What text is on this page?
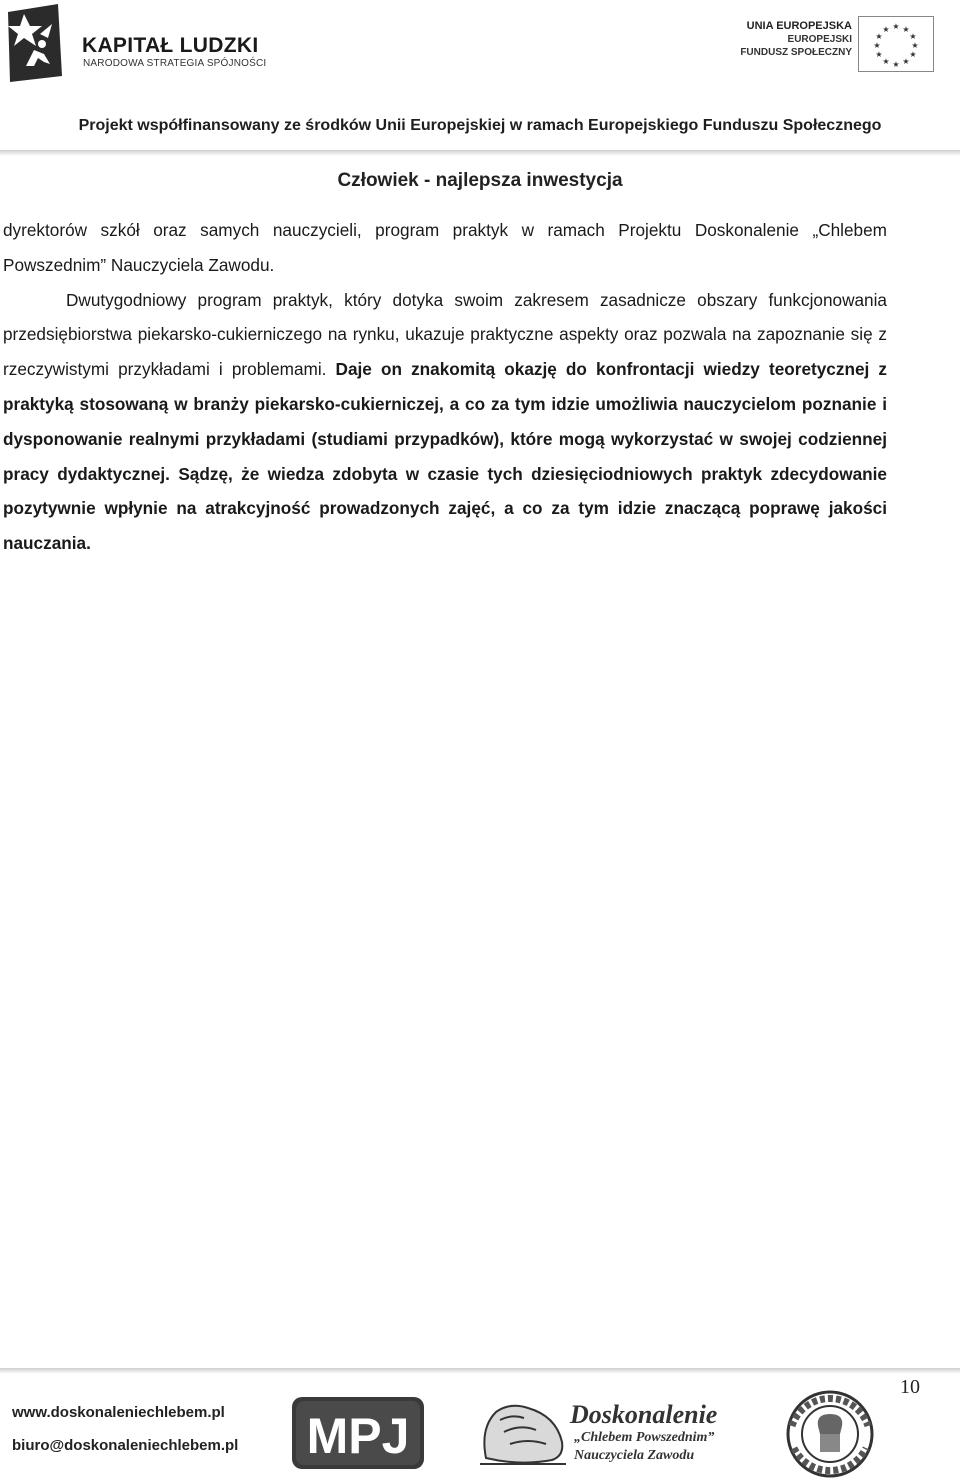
KAPITAŁ LUDZKI
NARODOWA STRATEGIA SPÓJNOŚCI
UNIA EUROPEJSKA
EUROPEJSKI
FUNDUSZ SPOŁECZNY
★ ★
★
★
★
★
★
★
★
★
★
★
Projekt współfinansowany ze środków Unii Europejskiej w ramach Europejskiego Funduszu Społecznego
Człowiek - najlepsza inwestycja

dyrektorów szkół oraz samych nauczycieli, program praktyk w ramach Projektu Doskonalenie „Chlebem Powszednim” Nauczyciela Zawodu.

Dwutygodniowy program praktyk, który dotyka swoim zakresem zasadnicze obszary funkcjonowania przedsiębiorstwa piekarsko-cukierniczego na rynku, ukazuje praktyczne aspekty oraz pozwala na zapoznanie się z rzeczywistymi przykładami i problemami. Daje on znakomitą okazję do konfrontacji wiedzy teoretycznej z praktyką stosowaną w branży piekarsko-cukierniczej, a co za tym idzie umożliwia nauczycielom poznanie i dysponowanie realnymi przykładami (studiami przypadków), które mogą wykorzystać w swojej codziennej pracy dydaktycznej. Sądzę, że wiedza zdobyta w czasie tych dziesięciodniowych praktyk zdecydowanie pozytywnie wpłynie na atrakcyjność prowadzonych zajęć, a co za tym idzie znaczącą poprawę jakości nauczania.

10
www.doskonaleniechlebem.pl
biuro@doskonaleniechlebem.pl MPJ	Doskonalenie
„Chlebem Powszednim”
Nauczyciela Zawodu
